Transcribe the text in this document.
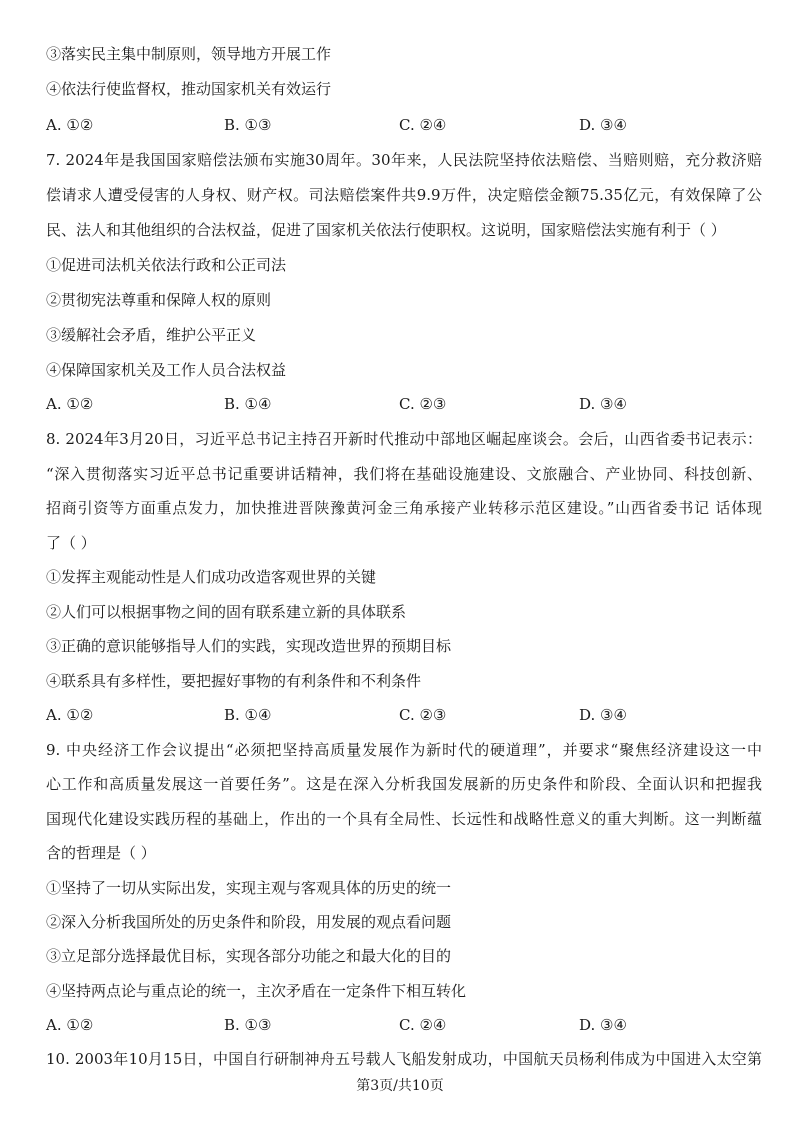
③落实民主集中制原则，领导地方开展工作
④依法行使监督权，推动国家机关有效运行
A. ①②	B. ①③	C. ②④	D. ③④
7. 2024年是我国国家赔偿法颁布实施30周年。30年来，人民法院坚持依法赔偿、当赔则赔，充分救济赔
偿请求人遭受侵害的人身权、财产权。司法赔偿案件共9.9万件，决定赔偿金额75.35亿元，有效保障了公
民、法人和其他组织的合法权益，促进了国家机关依法行使职权。这说明，国家赔偿法实施有利于（ ）
①促进司法机关依法行政和公正司法
②贯彻宪法尊重和保障人权的原则
③缓解社会矛盾，维护公平正义
④保障国家机关及工作人员合法权益
A. ①②	B. ①④	C. ②③	D. ③④
8. 2024年3月20日，习近平总书记主持召开新时代推动中部地区崛起座谈会。会后，山西省委书记表示：
“深入贯彻落实习近平总书记重要讲话精神，我们将在基础设施建设、文旅融合、产业协同、科技创新、
招商引资等方面重点发力，加快推进晋陕豫黄河金三角承接产业转移示范区建设。”山西省委书记 话体现
了（ ）
①发挥主观能动性是人们成功改造客观世界的关键
②人们可以根据事物之间的固有联系建立新的具体联系
③正确的意识能够指导人们的实践，实现改造世界的预期目标
④联系具有多样性，要把握好事物的有利条件和不利条件
A. ①②	B. ①④	C. ②③	D. ③④
9. 中央经济工作会议提出“必须把坚持高质量发展作为新时代的硬道理”，并要求“聚焦经济建设这一中
心工作和高质量发展这一首要任务”。这是在深入分析我国发展新的历史条件和阶段、全面认识和把握我
国现代化建设实践历程的基础上，作出的一个具有全局性、长远性和战略性意义的重大判断。这一判断蕴
含的哲理是（ ）
①坚持了一切从实际出发，实现主观与客观具体的历史的统一
②深入分析我国所处的历史条件和阶段，用发展的观点看问题
③立足部分选择最优目标，实现各部分功能之和最大化的目的
④坚持两点论与重点论的统一，主次矛盾在一定条件下相互转化
A. ①②	B. ①③	C. ②④	D. ③④
10. 2003年10月15日，中国自行研制神舟五号载人飞船发射成功，中国航天员杨利伟成为中国进入太空第
第3页/共10页
